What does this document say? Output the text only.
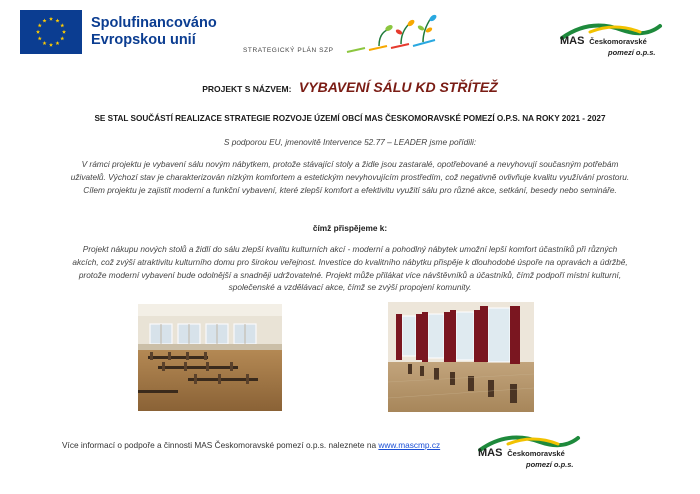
Spolufinancováno
Evropskou unií
STRATEGICKÝ PLÁN SZP
MAS Českomoravské
pomezí o.p.s.
PROJEKT S NÁZVEM: VYBAVENÍ SÁLU KD STŘÍTEŽ
SE STAL SOUČÁSTÍ REALIZACE STRATEGIE ROZVOJE ÚZEMÍ OBCÍ MAS ČESKOMORAVSKÉ POMEZÍ O.P.S. NA ROKY 2021 - 2027
S podporou EU, jmenovitě Intervence 52.77 – LEADER jsme pořídili:
V rámci projektu je vybavení sálu novým nábytkem, protože stávající stoly a židle jsou zastaralé, opotřebované a nevyhovují současným potřebám uživatelů. Výchozí stav je charakterizován nízkým komfortem a estetickým nevyhovujícím prostředím, což negativně ovlivňuje kvalitu využívání prostoru. Cílem projektu je zajistit moderní a funkční vybavení, které zlepší komfort a efektivitu využití sálu pro různé akce, setkání, besedy nebo semináře.
čímž přispějeme k:
Projekt nákupu nových stolů a židlí do sálu zlepší kvalitu kulturních akcí - moderní a pohodlný nábytek umožní lepší komfort účastníků při různých akcích, což zvýší atraktivitu kulturního domu pro širokou veřejnost. Investice do kvalitního nábytku přispěje k dlouhodobé úspoře na opravách a údržbě, protože moderní vybavení bude odolnější a snadněji udržovatelné. Projekt může přilákat více návštěvníků a účastníků, čímž podpoří místní kulturní, společenské a vzdělávací akce, čímž se zvýší propojení komunity.
Více informací o podpoře a činnosti MAS Českomoravské pomezí o.p.s. naleznete na www.mascmp.cz
MAS Českomoravské
pomezí o.p.s.
